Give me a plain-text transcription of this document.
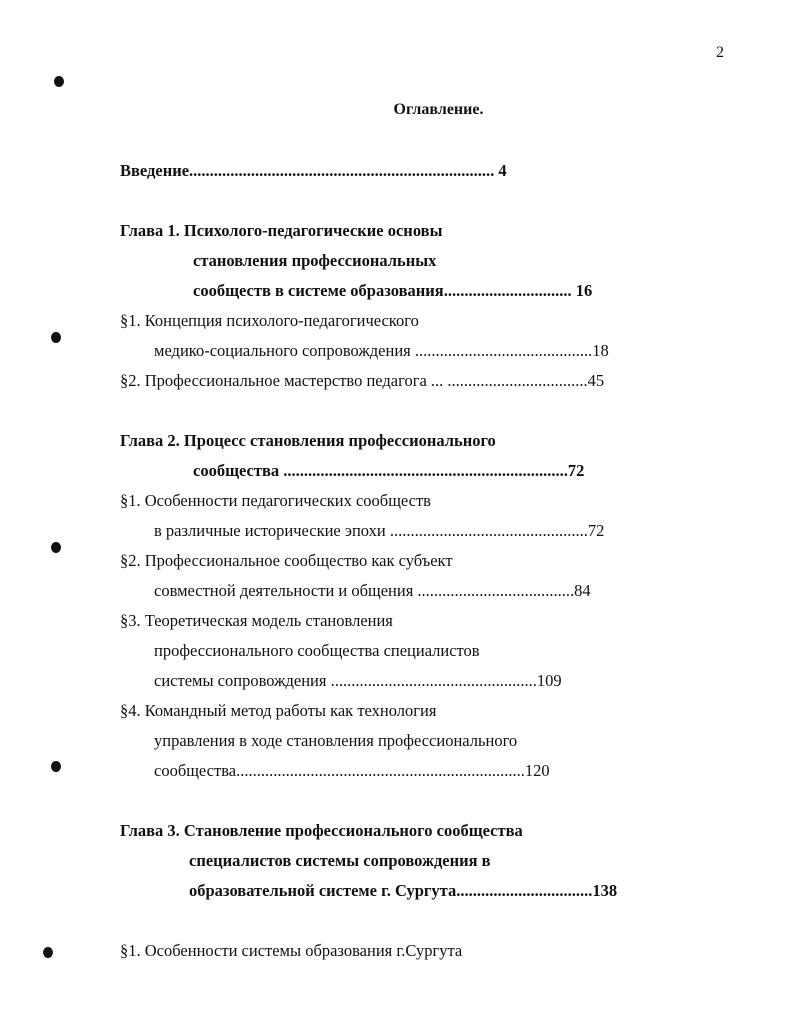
2
Оглавление.
Введение.......................................................................... 4
Глава 1. Психолого-педагогические основы
становления профессиональных
сообществ в системе образования............................... 16
§1. Концепция психолого-педагогического
медико-социального сопровождения ...........................................18
§2. Профессиональное мастерство педагога ... ..................................45
Глава 2. Процесс становления профессионального
сообщества .....................................................................72
§1. Особенности педагогических сообществ
в различные исторические эпохи ................................................72
§2. Профессиональное сообщество как субъект
совместной деятельности и общения ......................................84
§3. Теоретическая модель становления
профессионального сообщества специалистов
системы сопровождения ..................................................109
§4. Командный метод работы как технология
управления в ходе становления профессионального
сообщества......................................................................120
Глава 3. Становление профессионального сообщества
специалистов системы сопровождения в
образовательной системе г. Сургута.................................138
§1. Особенности системы образования г.Сургута
